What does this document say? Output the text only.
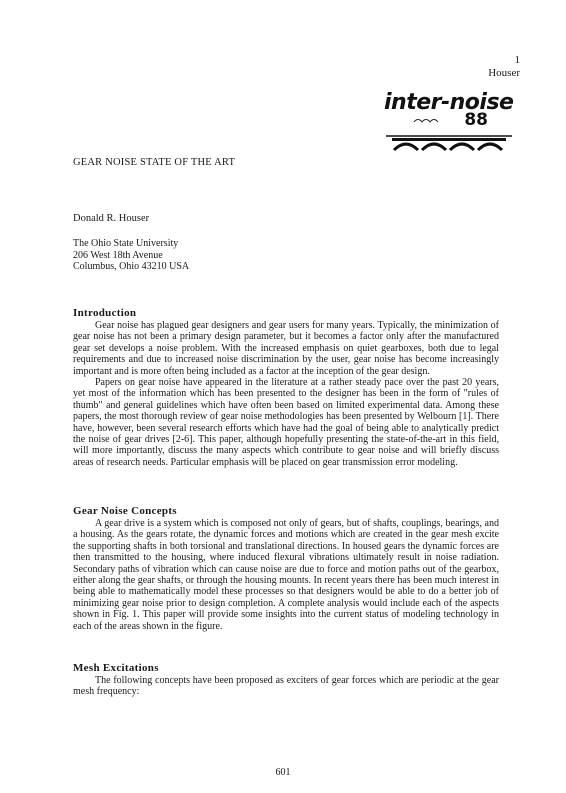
1
Houser
inter-noise
88
GEAR NOISE STATE OF THE ART
Donald R. Houser
The Ohio State University
206 West 18th Avenue
Columbus, Ohio 43210 USA
Introduction

Gear noise has plagued gear designers and gear users for many years. Typically, the minimization of gear noise has not been a primary design parameter, but it becomes a factor only after the manufactured gear set develops a noise problem. With the increased emphasis on quiet gearboxes, both due to legal requirements and due to increased noise discrimination by the user, gear noise has become increasingly important and is more often being included as a factor at the inception of the gear design.

Papers on gear noise have appeared in the literature at a rather steady pace over the past 20 years, yet most of the information which has been presented to the designer has been in the form of "rules of thumb" and general guidelines which have often been based on limited experimental data. Among these papers, the most thorough review of gear noise methodologies has been presented by Welbourn [1]. There have, however, been several research efforts which have had the goal of being able to analytically predict the noise of gear drives [2-6]. This paper, although hopefully presenting the state-of-the-art in this field, will more importantly, discuss the many aspects which contribute to gear noise and will briefly discuss areas of research needs. Particular emphasis will be placed on gear transmission error modeling.

Gear Noise Concepts

A gear drive is a system which is composed not only of gears, but of shafts, couplings, bearings, and a housing. As the gears rotate, the dynamic forces and motions which are created in the gear mesh excite the supporting shafts in both torsional and translational directions. In housed gears the dynamic forces are then transmitted to the housing, where induced flexural vibrations ultimately result in noise radiation. Secondary paths of vibration which can cause noise are due to force and motion paths out of the gearbox, either along the gear shafts, or through the housing mounts. In recent years there has been much interest in being able to mathematically model these processes so that designers would be able to do a better job of minimizing gear noise prior to design completion. A complete analysis would include each of the aspects shown in Fig. 1. This paper will provide some insights into the current status of modeling technology in each of the areas shown in the figure.

Mesh Excitations

The following concepts have been proposed as exciters of gear forces which are periodic at the gear mesh frequency:

601
